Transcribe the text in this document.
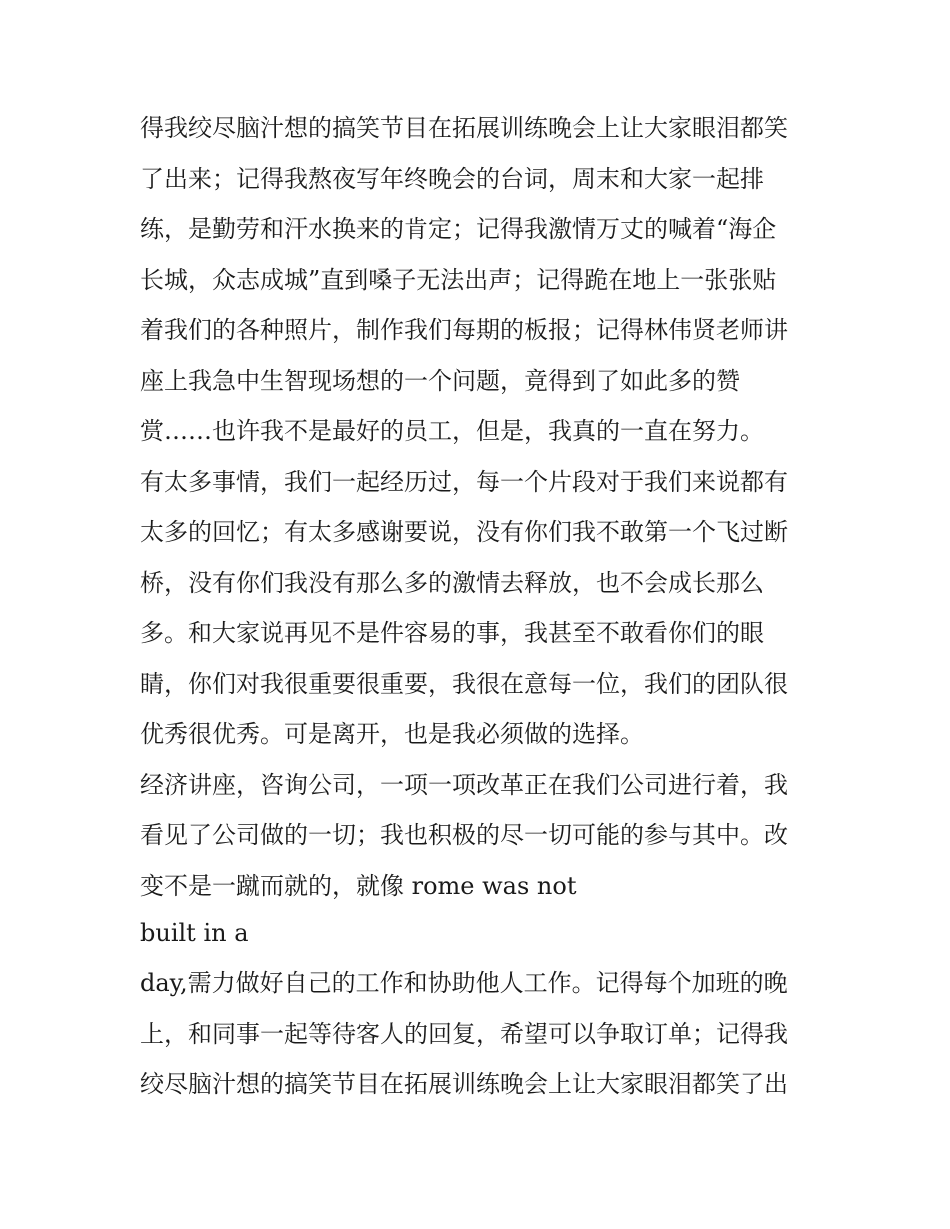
得我绞尽脑汁想的搞笑节目在拓展训练晚会上让大家眼泪都笑

了出来；记得我熬夜写年终晚会的台词，周末和大家一起排

练，是勤劳和汗水换来的肯定；记得我激情万丈的喊着“海企

长城，众志成城”直到嗓子无法出声；记得跪在地上一张张贴

着我们的各种照片，制作我们每期的板报；记得林伟贤老师讲

座上我急中生智现场想的一个问题，竟得到了如此多的赞

赏……也许我不是最好的员工，但是，我真的一直在努力。

有太多事情，我们一起经历过，每一个片段对于我们来说都有

太多的回忆；有太多感谢要说，没有你们我不敢第一个飞过断

桥，没有你们我没有那么多的激情去释放，也不会成长那么

多。和大家说再见不是件容易的事，我甚至不敢看你们的眼

睛，你们对我很重要很重要，我很在意每一位，我们的团队很

优秀很优秀。可是离开，也是我必须做的选择。

经济讲座，咨询公司，一项一项改革正在我们公司进行着，我

看见了公司做的一切；我也积极的尽一切可能的参与其中。改

变不是一蹴而就的，就像 rome was not

built in a

day,需力做好自己的工作和协助他人工作。记得每个加班的晚

上，和同事一起等待客人的回复，希望可以争取订单；记得我

绞尽脑汁想的搞笑节目在拓展训练晚会上让大家眼泪都笑了出
